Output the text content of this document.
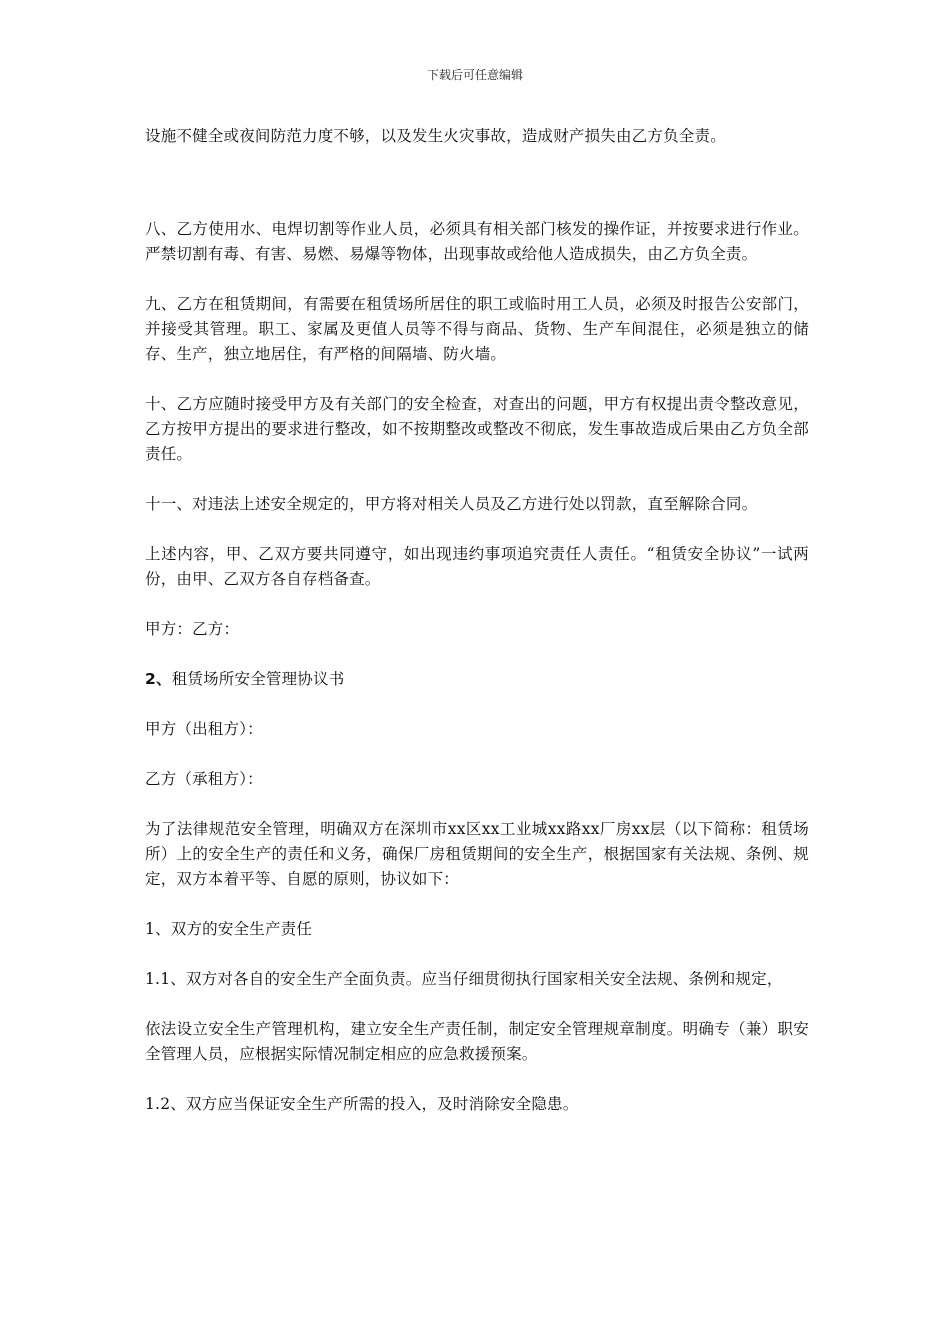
下载后可任意编辑

设施不健全或夜间防范力度不够，以及发生火灾事故，造成财产损失由乙方负全责。

八、乙方使用水、电焊切割等作业人员，必须具有相关部门核发的操作证，并按要求进行作业。严禁切割有毒、有害、易燃、易爆等物体，出现事故或给他人造成损失，由乙方负全责。

九、乙方在租赁期间，有需要在租赁场所居住的职工或临时用工人员，必须及时报告公安部门，并接受其管理。职工、家属及更值人员等不得与商品、货物、生产车间混住，必须是独立的储存、生产，独立地居住，有严格的间隔墙、防火墙。

十、乙方应随时接受甲方及有关部门的安全检查，对查出的问题，甲方有权提出责令整改意见，乙方按甲方提出的要求进行整改，如不按期整改或整改不彻底，发生事故造成后果由乙方负全部责任。

十一、对违法上述安全规定的，甲方将对相关人员及乙方进行处以罚款，直至解除合同。

上述内容，甲、乙双方要共同遵守，如出现违约事项追究责任人责任。“租赁安全协议”一试两份，由甲、乙双方各自存档备查。

甲方：乙方：

2、租赁场所安全管理协议书

甲方（出租方）：

乙方（承租方）：

为了法律规范安全管理，明确双方在深圳市xx区xx工业城xx路xx厂房xx层（以下简称：租赁场所）上的安全生产的责任和义务，确保厂房租赁期间的安全生产，根据国家有关法规、条例、规定，双方本着平等、自愿的原则，协议如下：

1、双方的安全生产责任

1.1、双方对各自的安全生产全面负责。应当仔细贯彻执行国家相关安全法规、条例和规定，

依法设立安全生产管理机构，建立安全生产责任制，制定安全管理规章制度。明确专（兼）职安全管理人员，应根据实际情况制定相应的应急救援预案。

1.2、双方应当保证安全生产所需的投入，及时消除安全隐患。
